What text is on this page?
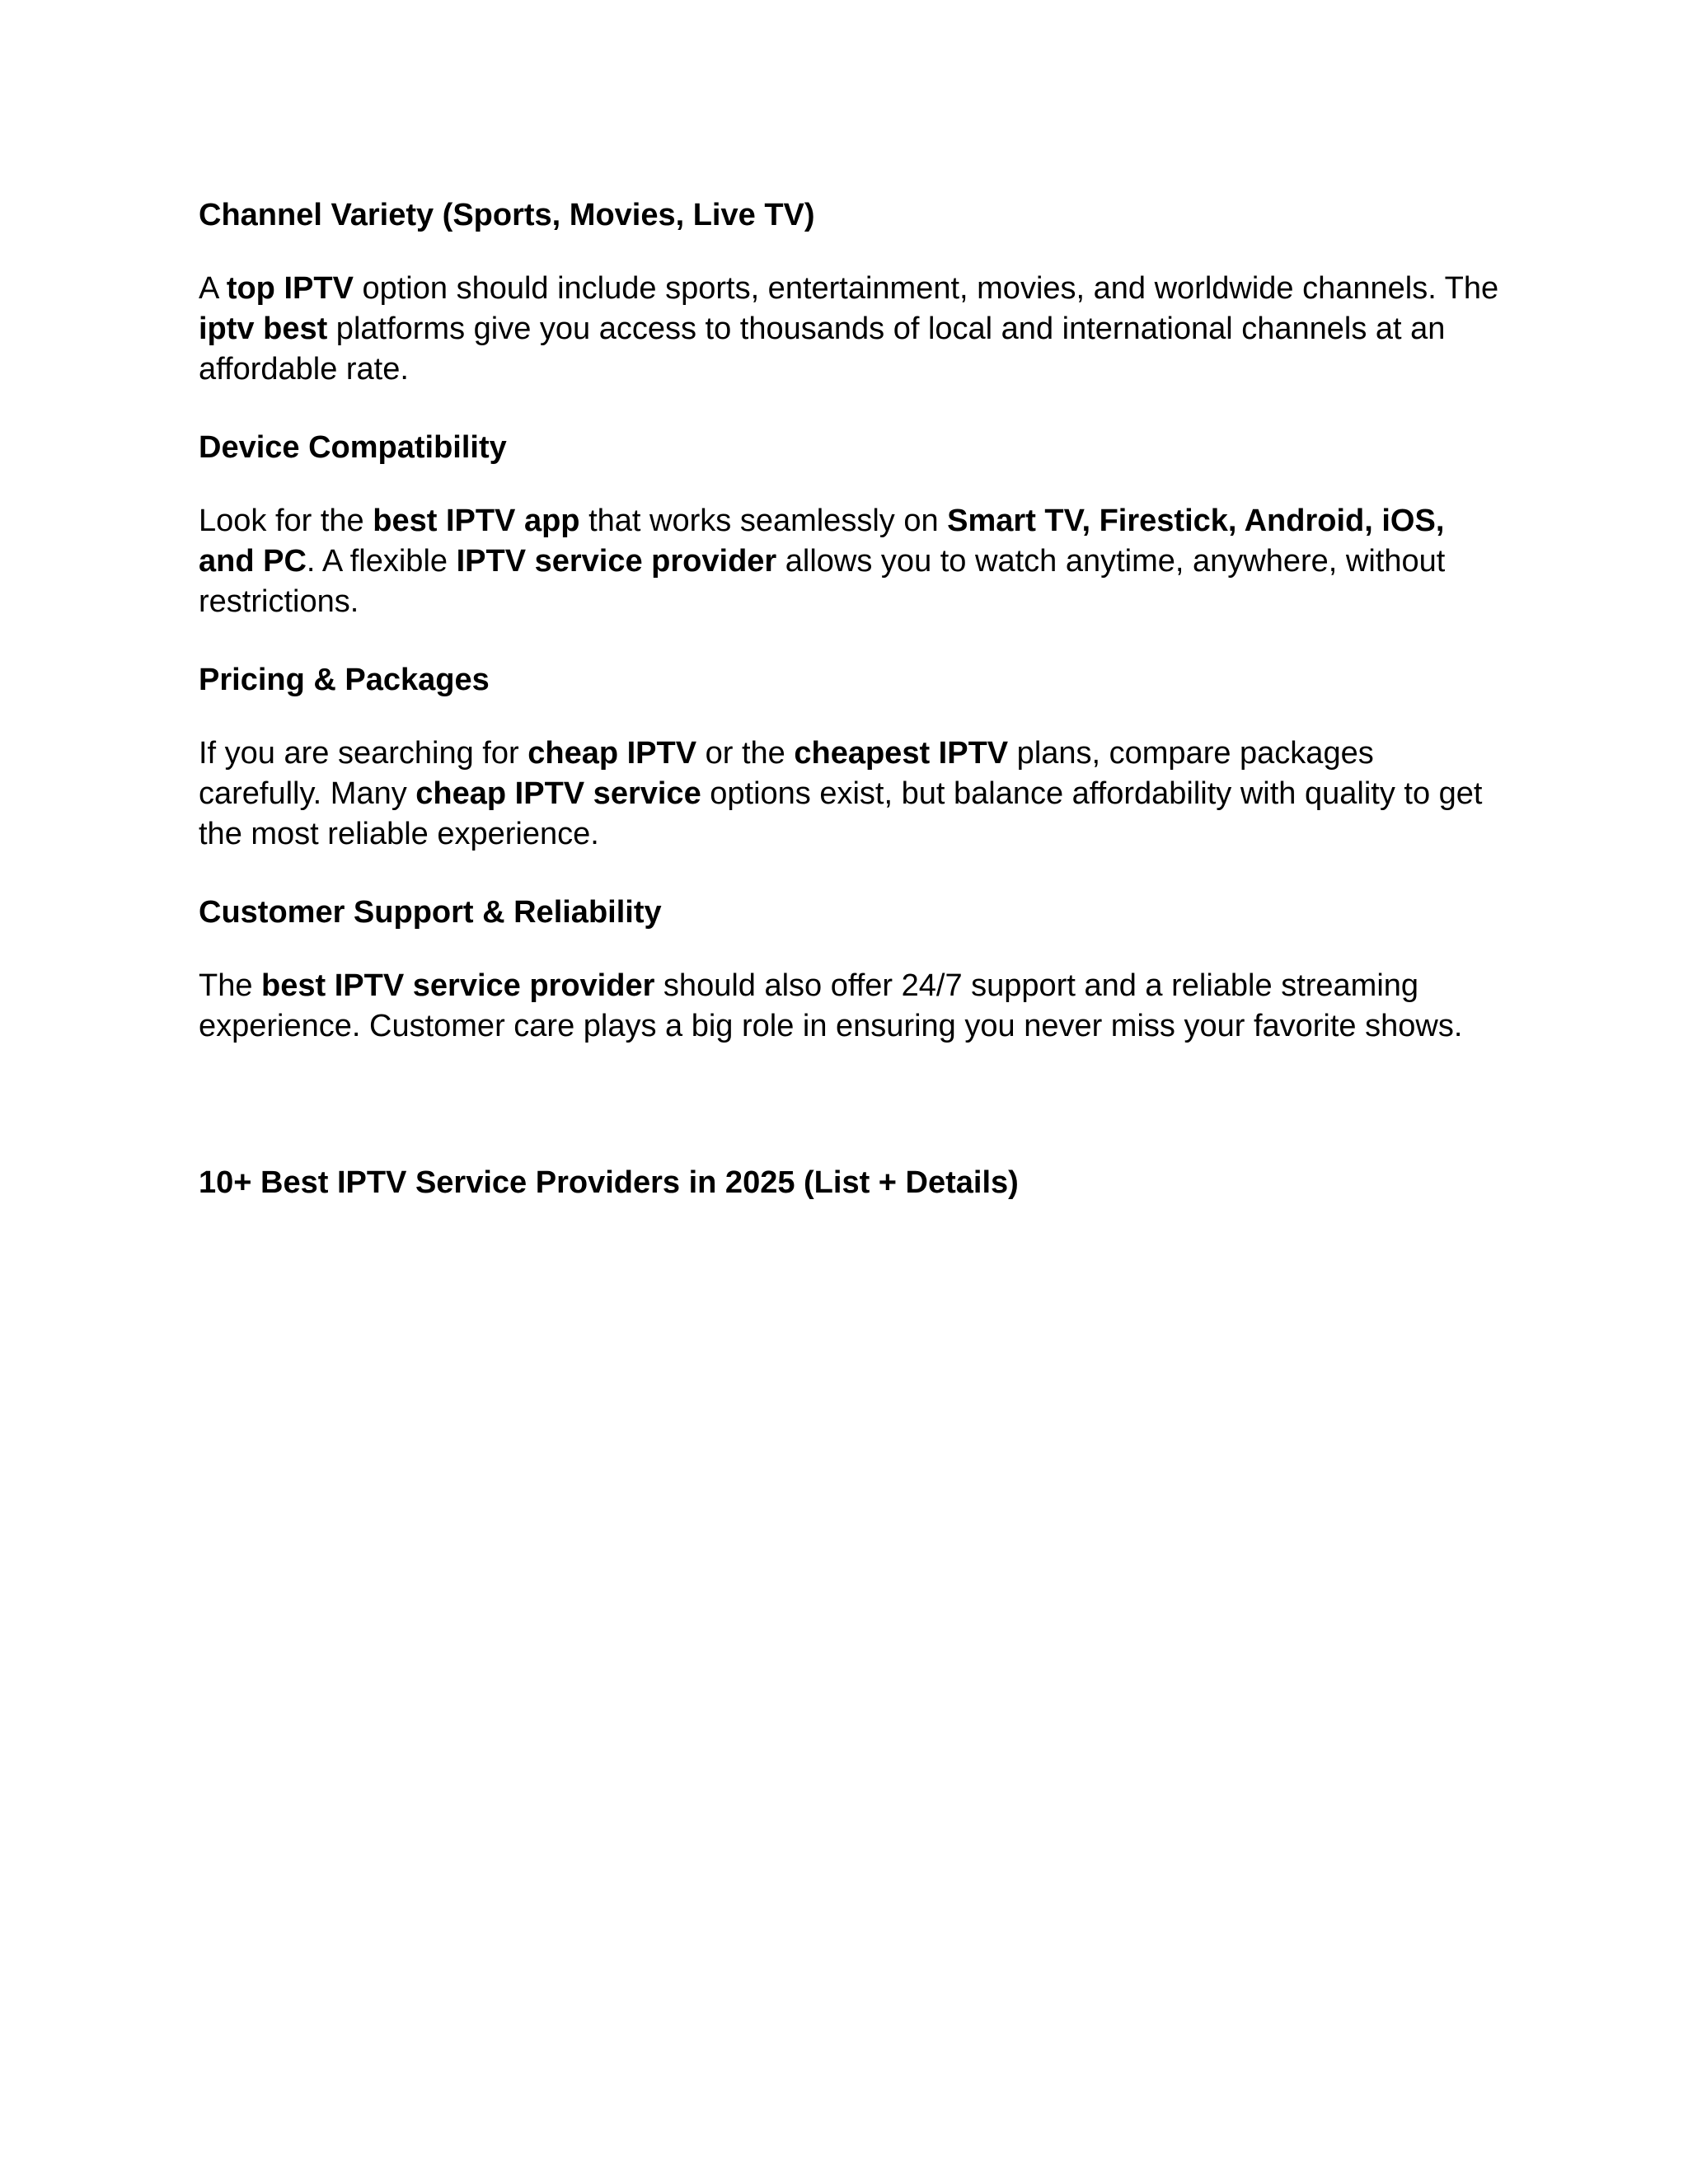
Channel Variety (Sports, Movies, Live TV)

A top IPTV option should include sports, entertainment, movies, and worldwide channels. The
iptv best platforms give you access to thousands of local and international channels at an affordable rate.

Device Compatibility

Look for the best IPTV app that works seamlessly on Smart TV, Firestick, Android, iOS, and PC. A flexible IPTV service provider allows you to watch anytime, anywhere, without restrictions.

Pricing & Packages

If you are searching for cheap IPTV or the cheapest IPTV plans, compare packages carefully. Many cheap IPTV service options exist, but balance affordability with quality to get the most reliable experience.

Customer Support & Reliability

The best IPTV service provider should also offer 24/7 support and a reliable streaming experience. Customer care plays a big role in ensuring you never miss your favorite shows.

10+ Best IPTV Service Providers in 2025 (List + Details)
